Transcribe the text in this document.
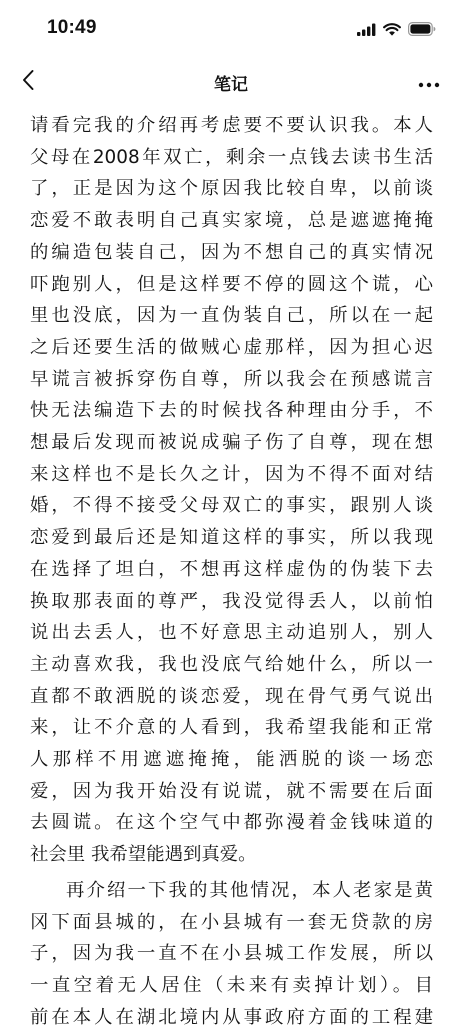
10:49
笔记
请看完我的介绍再考虑要不要认识我。本人
父母在2008年双亡，剩余一点钱去读书生活
了，正是因为这个原因我比较自卑，以前谈
恋爱不敢表明自己真实家境，总是遮遮掩掩
的编造包装自己，因为不想自己的真实情况
吓跑别人，但是这样要不停的圆这个谎，心
里也没底，因为一直伪装自己，所以在一起
之后还要生活的做贼心虚那样，因为担心迟
早谎言被拆穿伤自尊，所以我会在预感谎言
快无法编造下去的时候找各种理由分手，不
想最后发现而被说成骗子伤了自尊，现在想
来这样也不是长久之计，因为不得不面对结
婚，不得不接受父母双亡的事实，跟别人谈
恋爱到最后还是知道这样的事实，所以我现
在选择了坦白，不想再这样虚伪的伪装下去
换取那表面的尊严，我没觉得丢人，以前怕
说出去丢人，也不好意思主动追别人，别人
主动喜欢我，我也没底气给她什么，所以一
直都不敢洒脱的谈恋爱，现在骨气勇气说出
来，让不介意的人看到，我希望我能和正常
人那样不用遮遮掩掩，能洒脱的谈一场恋
爱，因为我开始没有说谎，就不需要在后面
去圆谎。在这个空气中都弥漫着金钱味道的
社会里 我希望能遇到真爱。
再介绍一下我的其他情况，本人老家是黄
冈下面县城的，在小县城有一套无贷款的房
子，因为我一直不在小县城工作发展，所以
一直空着无人居住（未来有卖掉计划）。目
前在本人在湖北境内从事政府方面的工程建
